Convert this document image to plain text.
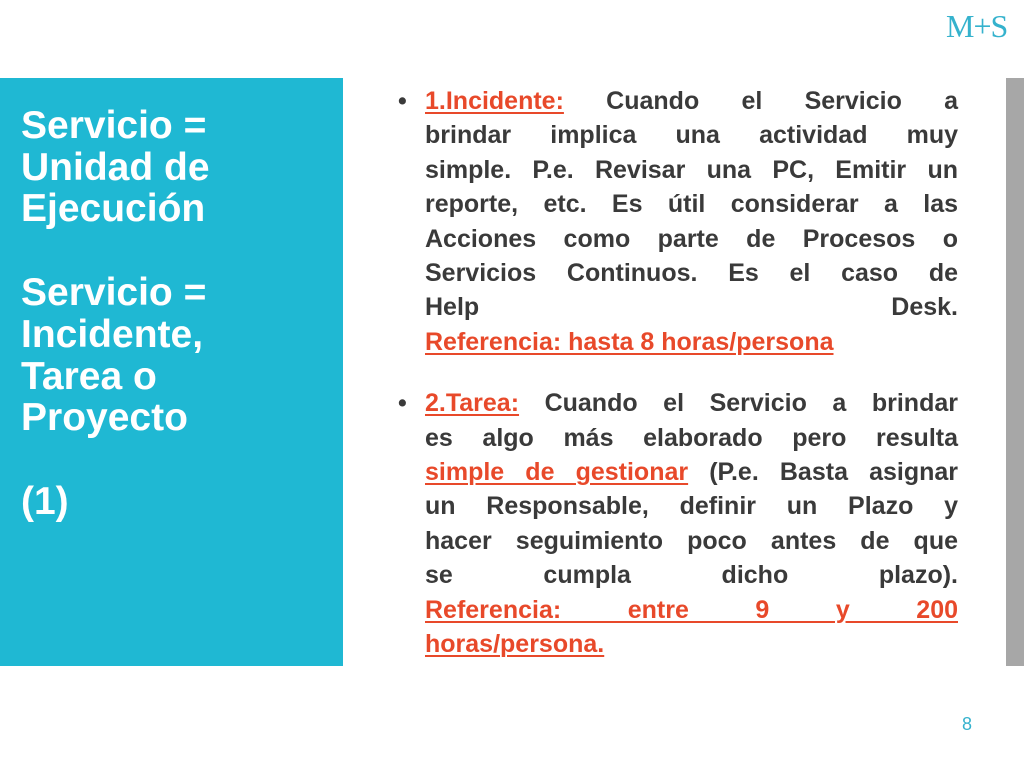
M+S
Servicio =
Unidad de
Ejecución
Servicio =
Incidente,
Tarea o
Proyecto
(1)
• 1.Incidente: Cuando el Servicio a
brindar implica una actividad muy
simple. P.e. Revisar una PC, Emitir un
reporte, etc. Es útil considerar a las
Acciones como parte de Procesos o
Servicios Continuos. Es el caso de
Help Desk.
Referencia: hasta 8 horas/persona
• 2.Tarea: Cuando el Servicio a brindar
es algo más elaborado pero resulta
simple de gestionar (P.e. Basta asignar
un Responsable, definir un Plazo y
hacer seguimiento poco antes de que
se cumpla dicho plazo).
Referencia: entre 9 y 200
horas/persona.
8
